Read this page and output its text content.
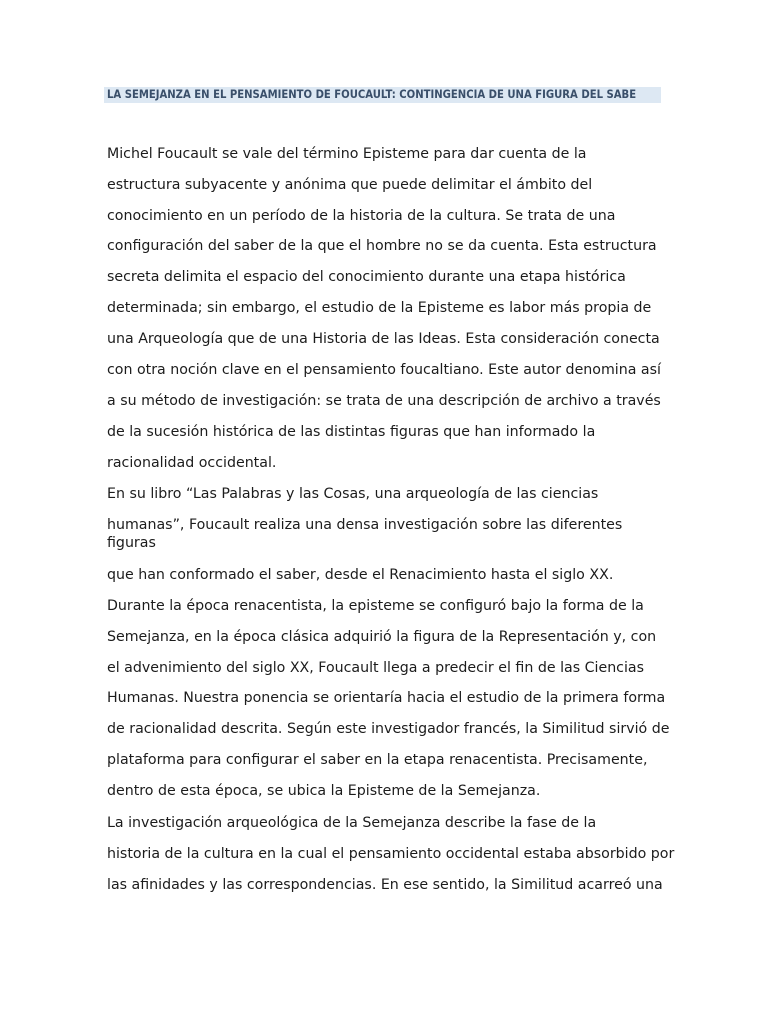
LA SEMEJANZA EN EL PENSAMIENTO DE FOUCAULT: CONTINGENCIA DE UNA FIGURA DEL SABE
Michel Foucault se vale del término Episteme para dar cuenta de la
estructura subyacente y anónima que puede delimitar el ámbito del
conocimiento en un período de la historia de la cultura. Se trata de una
configuración del saber de la que el hombre no se da cuenta. Esta estructura
secreta delimita el espacio del conocimiento durante una etapa histórica
determinada; sin embargo, el estudio de la Episteme es labor más propia de
una Arqueología que de una Historia de las Ideas. Esta consideración conecta
con otra noción clave en el pensamiento foucaltiano. Este autor denomina así
a su método de investigación: se trata de una descripción de archivo a través
de la sucesión histórica de las distintas figuras que han informado la
racionalidad occidental.
En su libro “Las Palabras y las Cosas, una arqueología de las ciencias
humanas”, Foucault realiza una densa investigación sobre las diferentes
figuras
que han conformado el saber, desde el Renacimiento hasta el siglo XX.
Durante la época renacentista, la episteme se configuró bajo la forma de la
Semejanza, en la época clásica adquirió la figura de la Representación y, con
el advenimiento del siglo XX, Foucault llega a predecir el fin de las Ciencias
Humanas. Nuestra ponencia se orientaría hacia el estudio de la primera forma
de racionalidad descrita. Según este investigador francés, la Similitud sirvió de
plataforma para configurar el saber en la etapa renacentista. Precisamente,
dentro de esta época, se ubica la Episteme de la Semejanza.
La investigación arqueológica de la Semejanza describe la fase de la
historia de la cultura en la cual el pensamiento occidental estaba absorbido por
las afinidades y las correspondencias. En ese sentido, la Similitud acarreó una
